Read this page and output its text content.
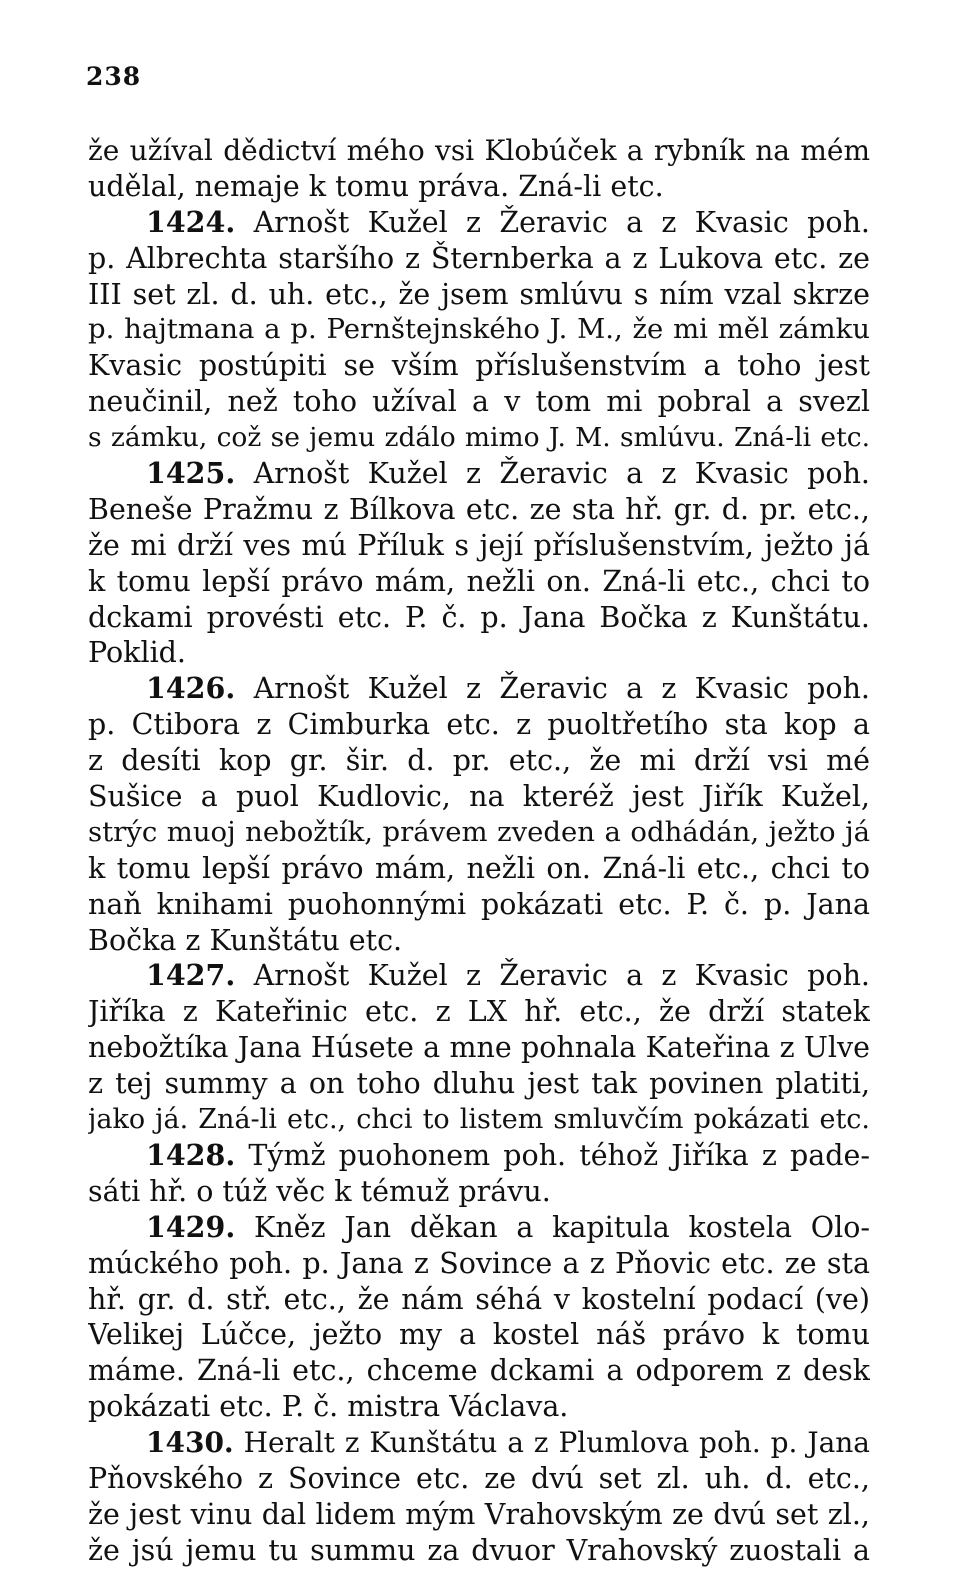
238
že užíval dědictví mého vsi Klobúček a rybník na mém
udělal, nemaje k tomu práva. Zná-li etc.
1424. Arnošt Kužel z Žeravic a z Kvasic poh.
p. Albrechta staršího z Šternberka a z Lukova etc. ze
III set zl. d. uh. etc., že jsem smlúvu s ním vzal skrze
p. hajtmana a p. Pernštejnského J. M., že mi měl zámku
Kvasic postúpiti se vším příslušenstvím a toho jest
neučinil, než toho užíval a v tom mi pobral a svezl
s zámku, což se jemu zdálo mimo J. M. smlúvu. Zná-li etc.
1425. Arnošt Kužel z Žeravic a z Kvasic poh.
Beneše Pražmu z Bílkova etc. ze sta hř. gr. d. pr. etc.,
že mi drží ves mú Příluk s její příslušenstvím, ježto já
k tomu lepší právo mám, nežli on. Zná-li etc., chci to
dckami provésti etc. P. č. p. Jana Bočka z Kunštátu.
Poklid.
1426. Arnošt Kužel z Žeravic a z Kvasic poh.
p. Ctibora z Cimburka etc. z puoltřetího sta kop a
z desíti kop gr. šir. d. pr. etc., že mi drží vsi mé
Sušice a puol Kudlovic, na kteréž jest Jiřík Kužel,
strýc muoj nebožtík, právem zveden a odhádán, ježto já
k tomu lepší právo mám, nežli on. Zná-li etc., chci to
naň knihami puohonnými pokázati etc. P. č. p. Jana
Bočka z Kunštátu etc.
1427. Arnošt Kužel z Žeravic a z Kvasic poh.
Jiříka z Kateřinic etc. z LX hř. etc., že drží statek
nebožtíka Jana Húsete a mne pohnala Kateřina z Ulve
z tej summy a on toho dluhu jest tak povinen platiti,
jako já. Zná-li etc., chci to listem smluvčím pokázati etc.
1428. Týmž puohonem poh. téhož Jiříka z pade-
sáti hř. o túž věc k témuž právu.
1429. Kněz Jan děkan a kapitula kostela Olo-
múckého poh. p. Jana z Sovince a z Pňovic etc. ze sta
hř. gr. d. stř. etc., že nám séhá v kostelní podací (ve)
Velikej Lúčce, ježto my a kostel náš právo k tomu
máme. Zná-li etc., chceme dckami a odporem z desk
pokázati etc. P. č. mistra Václava.
1430. Heralt z Kunštátu a z Plumlova poh. p. Jana
Pňovského z Sovince etc. ze dvú set zl. uh. d. etc.,
že jest vinu dal lidem mým Vrahovským ze dvú set zl.,
že jsú jemu tu summu za dvuor Vrahovský zuostali a
